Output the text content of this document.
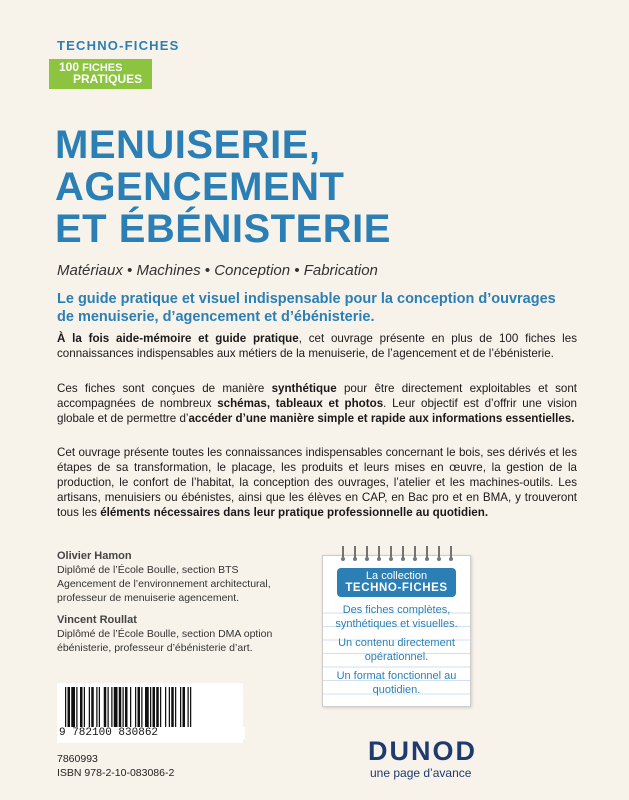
TECHNO-FICHES
100 FICHES
PRATIQUES
MENUISERIE,
AGENCEMENT
ET ÉBÉNISTERIE
Matériaux • Machines • Conception • Fabrication
Le guide pratique et visuel indispensable pour la conception d’ouvrages de menuiserie, d’agencement et d’ébénisterie.
À la fois aide-mémoire et guide pratique, cet ouvrage présente en plus de 100 fiches les connaissances indispensables aux métiers de la menuiserie, de l’agencement et de l’ébénisterie.
Ces fiches sont conçues de manière synthétique pour être directement exploitables et sont accompagnées de nombreux schémas, tableaux et photos. Leur objectif est d’offrir une vision globale et de permettre d’accéder d’une manière simple et rapide aux informations essentielles.
Cet ouvrage présente toutes les connaissances indispensables concernant le bois, ses dérivés et les étapes de sa transformation, le placage, les produits et leurs mises en œuvre, la gestion de la production, le confort de l’habitat, la conception des ouvrages, l’atelier et les machines-outils. Les artisans, menuisiers ou ébénistes, ainsi que les élèves en CAP, en Bac pro et en BMA, y trouveront tous les éléments nécessaires dans leur pratique professionnelle au quotidien.
Olivier Hamon
Diplômé de l’École Boulle, section BTS
Agencement de l’environnement architectural,
professeur de menuiserie agencement.
Vincent Roullat
Diplômé de l’École Boulle, section DMA option
ébénisterie, professeur d’ébénisterie d’art.
La collection
TECHNO-FICHES

Des fiches complètes, synthétiques et visuelles.

Un contenu directement opérationnel.

Un format fonctionnel au quotidien.

9 782100 830862
7860993
ISBN 978-2-10-083086-2
DUNOD
une page d’avance
